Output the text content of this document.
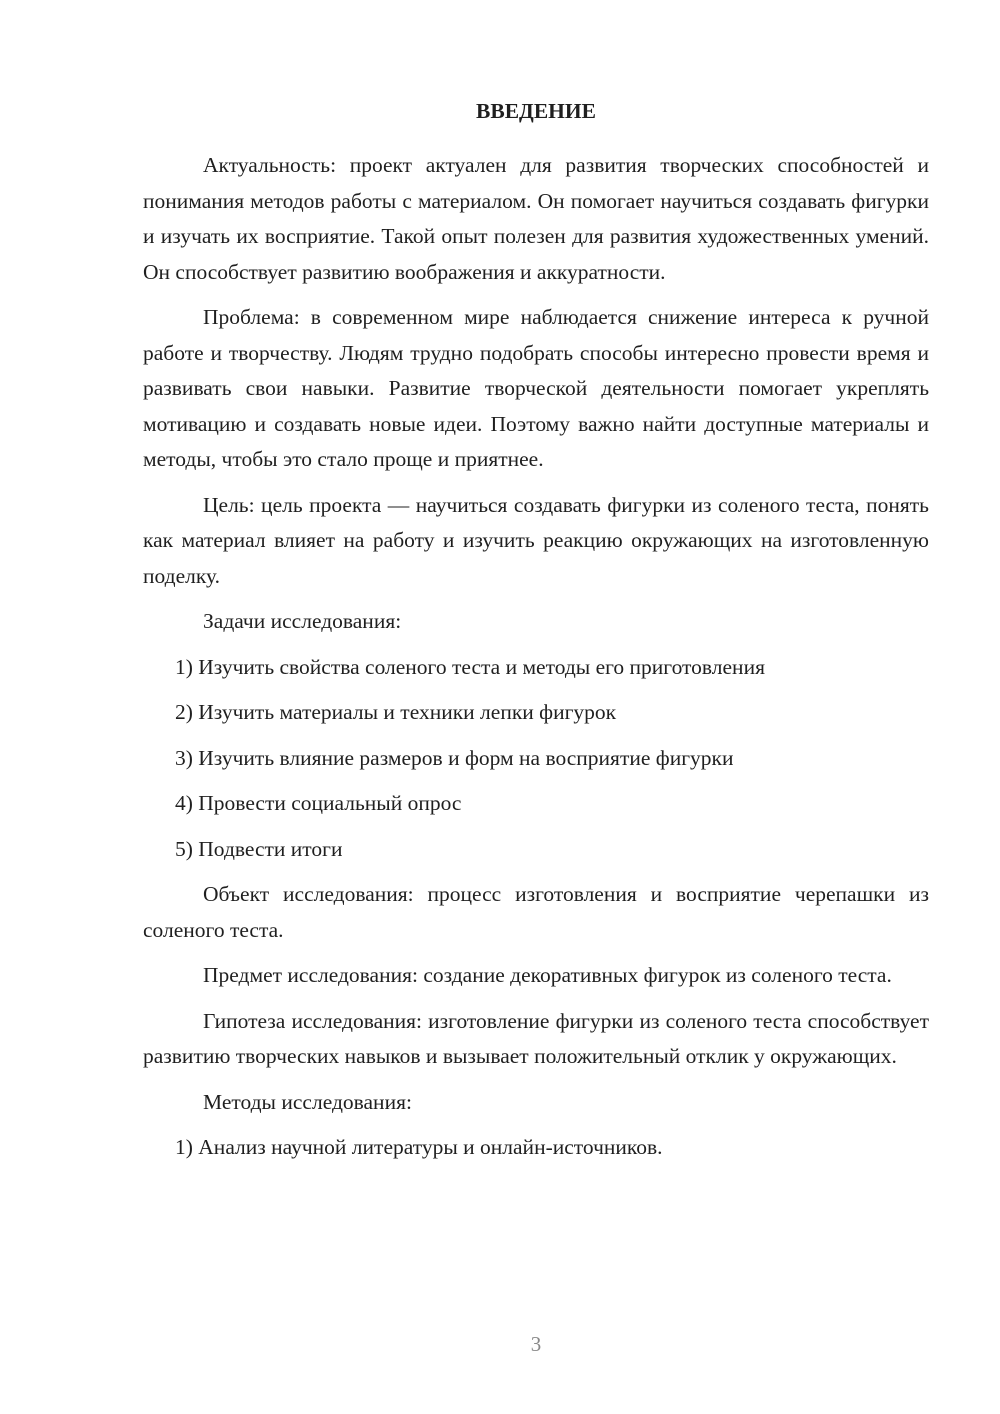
ВВЕДЕНИЕ

Актуальность: проект актуален для развития творческих способностей и понимания методов работы с материалом. Он помогает научиться создавать фигурки и изучать их восприятие. Такой опыт полезен для развития художественных умений. Он способствует развитию воображения и аккуратности.

Проблема: в современном мире наблюдается снижение интереса к ручной работе и творчеству. Людям трудно подобрать способы интересно провести время и развивать свои навыки. Развитие творческой деятельности помогает укреплять мотивацию и создавать новые идеи. Поэтому важно найти доступные материалы и методы, чтобы это стало проще и приятнее.

Цель: цель проекта — научиться создавать фигурки из соленого теста, понять как материал влияет на работу и изучить реакцию окружающих на изготовленную поделку.

Задачи исследования:

1) Изучить свойства соленого теста и методы его приготовления
2) Изучить материалы и техники лепки фигурок
3) Изучить влияние размеров и форм на восприятие фигурки
4) Провести социальный опрос
5) Подвести итоги

Объект исследования: процесс изготовления и восприятие черепашки из соленого теста.

Предмет исследования: создание декоративных фигурок из соленого теста.

Гипотеза исследования: изготовление фигурки из соленого теста способствует развитию творческих навыков и вызывает положительный отклик у окружающих.

Методы исследования:

1) Анализ научной литературы и онлайн-источников.
3
